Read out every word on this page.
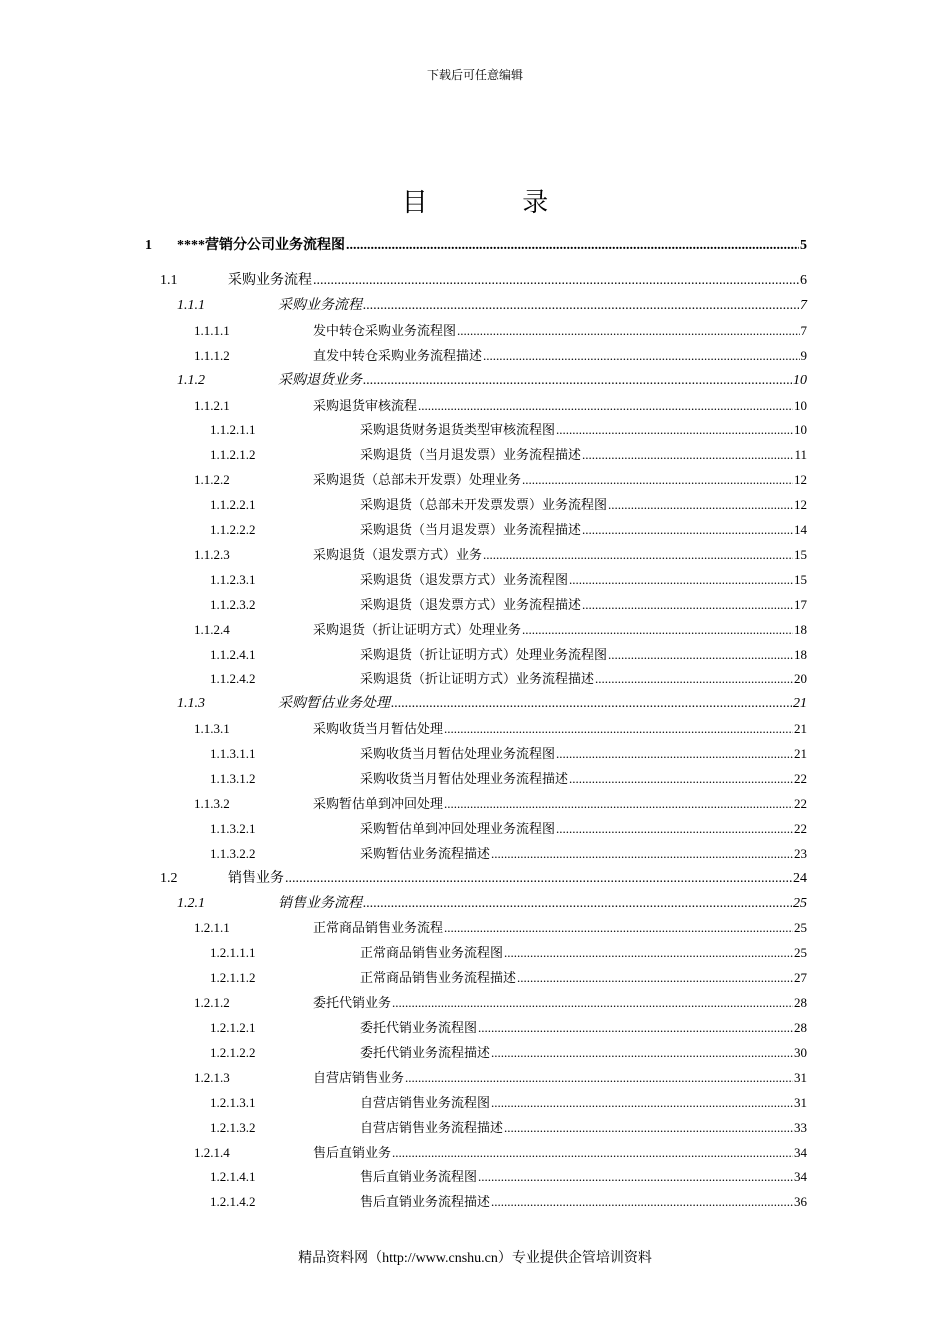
下载后可任意编辑
目 录
1 ****营销分公司业务流程图 .....	5
1.1	采购业务流程 .....	6
1.1.1	采购业务流程 .....	7
1.1.1.1	发中转仓采购业务流程图 .....	7
1.1.1.2	直发中转仓采购业务流程描述 .....	9
1.1.2	采购退货业务 .....	10
1.1.2.1	采购退货审核流程 .....	10
1.1.2.1.1	采购退货财务退货类型审核流程图 .....	10
1.1.2.1.2	采购退货（当月退发票）业务流程描述 .....	11
1.1.2.2	采购退货（总部未开发票）处理业务 .....	12
1.1.2.2.1	采购退货（总部未开发票发票）业务流程图 .....	12
1.1.2.2.2	采购退货（当月退发票）业务流程描述 .....	14
1.1.2.3	采购退货（退发票方式）业务 .....	15
1.1.2.3.1	采购退货（退发票方式）业务流程图 .....	15
1.1.2.3.2	采购退货（退发票方式）业务流程描述 .....	17
1.1.2.4	采购退货（折让证明方式）处理业务 .....	18
1.1.2.4.1	采购退货（折让证明方式）处理业务流程图 .....	18
1.1.2.4.2	采购退货（折让证明方式）业务流程描述 .....	20
1.1.3	采购暂估业务处理 .....	21
1.1.3.1	采购收货当月暂估处理 .....	21
1.1.3.1.1	采购收货当月暂估处理业务流程图 .....	21
1.1.3.1.2	采购收货当月暂估处理业务流程描述 .....	22
1.1.3.2	采购暂估单到冲回处理 .....	22
1.1.3.2.1	采购暂估单到冲回处理业务流程图 .....	22
1.1.3.2.2	采购暂估业务流程描述 .....	23
1.2	销售业务 .....	24
1.2.1	销售业务流程 .....	25
1.2.1.1	正常商品销售业务流程 .....	25
1.2.1.1.1	正常商品销售业务流程图 .....	25
1.2.1.1.2	正常商品销售业务流程描述 .....	27
1.2.1.2	委托代销业务 .....	28
1.2.1.2.1	委托代销业务流程图 .....	28
1.2.1.2.2	委托代销业务流程描述 .....	30
1.2.1.3	自营店销售业务 .....	31
1.2.1.3.1	自营店销售业务流程图 .....	31
1.2.1.3.2	自营店销售业务流程描述 .....	33
1.2.1.4	售后直销业务 .....	34
1.2.1.4.1	售后直销业务流程图 .....	34
1.2.1.4.2	售后直销业务流程描述 .....	36
精品资料网（http://www.cnshu.cn）专业提供企管培训资料
